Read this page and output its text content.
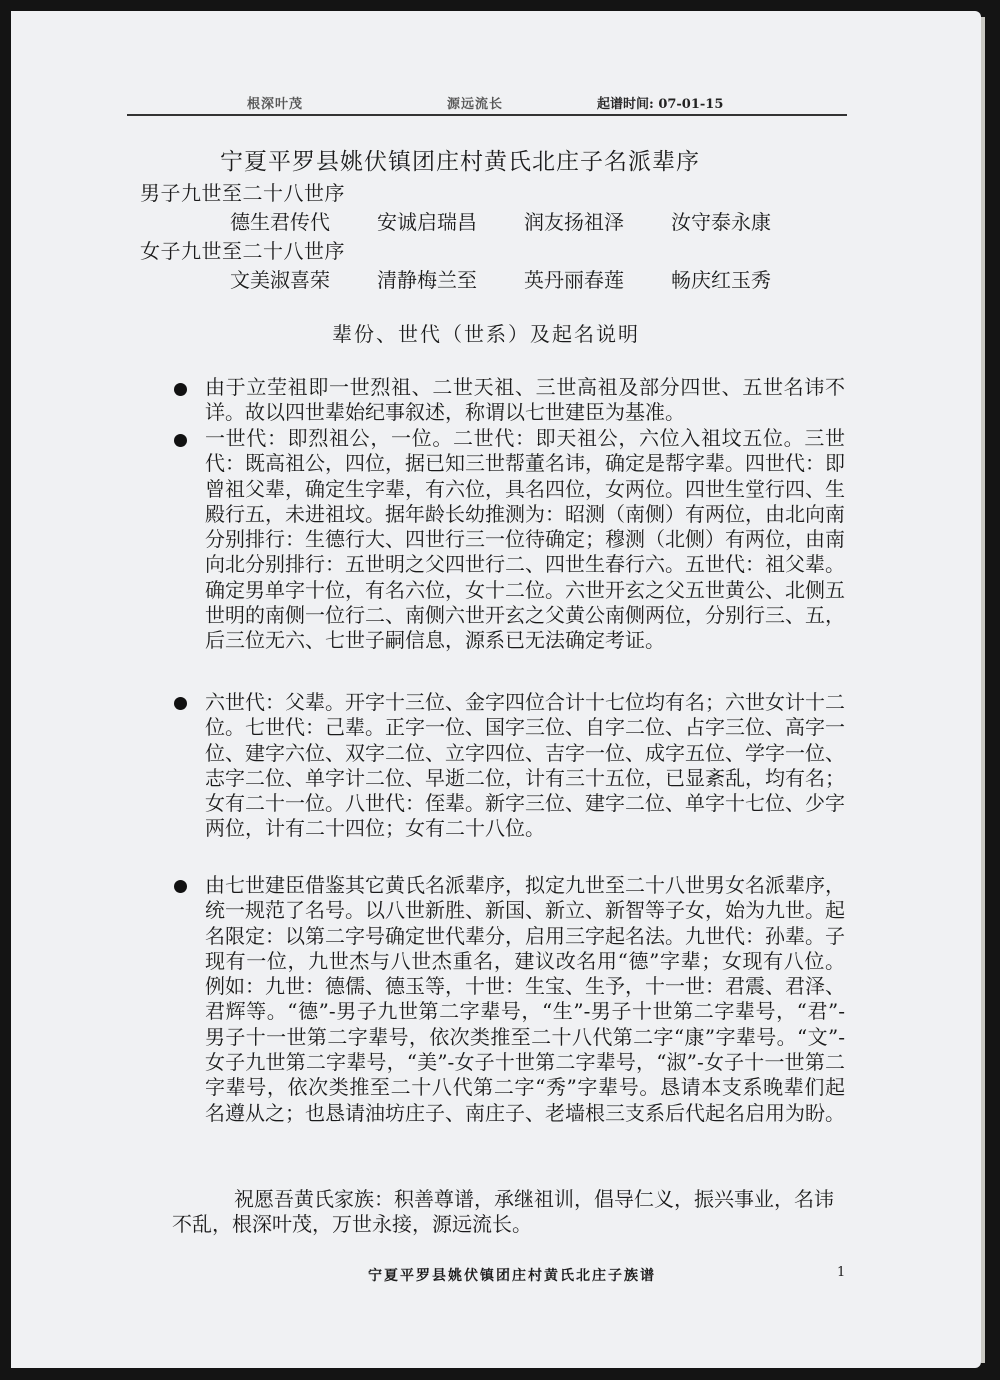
根深叶茂	源远流长	起谱时间: 07-01-15
宁夏平罗县姚伏镇团庄村黄氏北庄子名派辈序
男子九世至二十八世序
德生君传代 安诚启瑞昌 润友扬祖泽 汝守泰永康
女子九世至二十八世序
文美淑喜荣 清静梅兰至 英丹丽春莲 畅庆红玉秀
辈份、世代（世系）及起名说明

由于立茔祖即一世烈祖、二世天祖、三世高祖及部分四世、五世名讳不详。故以四世辈始纪事叙述，称谓以七世建臣为基准。

一世代：即烈祖公，一位。二世代：即天祖公，六位入祖坟五位。三世代：既高祖公，四位，据已知三世帮董名讳，确定是帮字辈。四世代：即曾祖父辈，确定生字辈，有六位，具名四位，女两位。四世生堂行四、生殿行五，未进祖坟。据年龄长幼推测为：昭测（南侧）有两位，由北向南分别排行：生德行大、四世行三一位待确定；穆测（北侧）有两位，由南向北分别排行：五世明之父四世行二、四世生春行六。五世代：祖父辈。确定男单字十位，有名六位，女十二位。六世开玄之父五世黄公、北侧五世明的南侧一位行二、南侧六世开玄之父黄公南侧两位，分别行三、五，后三位无六、七世子嗣信息，源系已无法确定考证。

六世代：父辈。开字十三位、金字四位合计十七位均有名；六世女计十二位。七世代：己辈。正字一位、国字三位、自字二位、占字三位、高字一位、建字六位、双字二位、立字四位、吉字一位、成字五位、学字一位、志字二位、单字计二位、早逝二位，计有三十五位，已显紊乱，均有名；女有二十一位。八世代：侄辈。新字三位、建字二位、单字十七位、少字两位，计有二十四位；女有二十八位。

由七世建臣借鉴其它黄氏名派辈序，拟定九世至二十八世男女名派辈序，统一规范了名号。以八世新胜、新国、新立、新智等子女，始为九世。起名限定：以第二字号确定世代辈分，启用三字起名法。九世代：孙辈。子现有一位，九世杰与八世杰重名，建议改名用“德”字辈；女现有八位。例如：九世：德儒、德玉等，十世：生宝、生予，十一世：君震、君泽、君辉等。“德”-男子九世第二字辈号，“生”-男子十世第二字辈号，“君”-男子十一世第二字辈号，依次类推至二十八代第二字“康”字辈号。“文”-女子九世第二字辈号，“美”-女子十世第二字辈号，“淑”-女子十一世第二字辈号，依次类推至二十八代第二字“秀”字辈号。恳请本支系晚辈们起名遵从之；也恳请油坊庄子、南庄子、老墙根三支系后代起名启用为盼。

祝愿吾黄氏家族：积善尊谱，承继祖训，倡导仁义，振兴事业，名讳不乱，根深叶茂，万世永接，源远流长。
宁夏平罗县姚伏镇团庄村黄氏北庄子族谱	1
